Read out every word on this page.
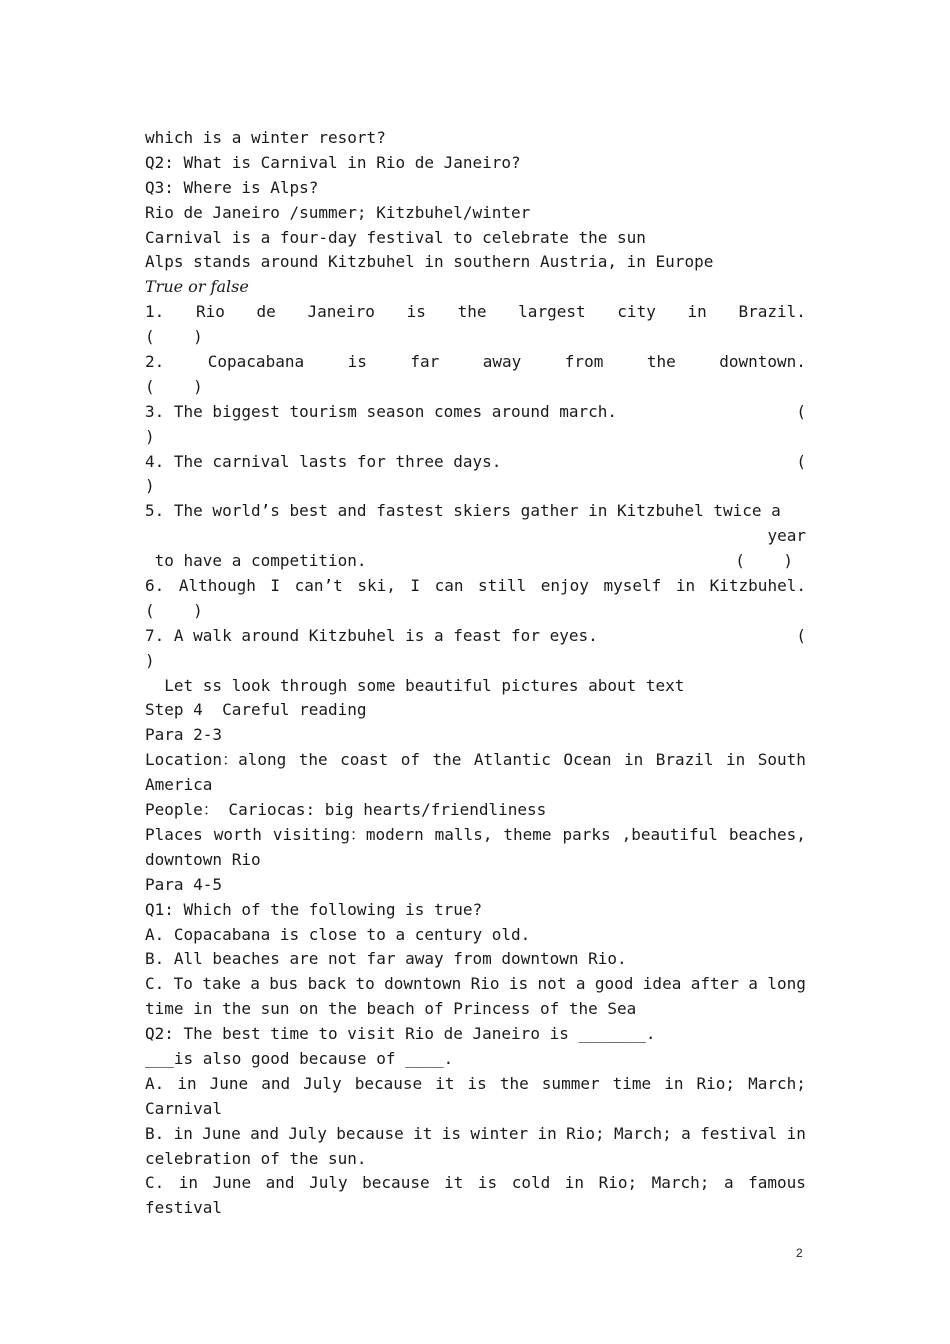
which is a winter resort?
Q2: What is Carnival in Rio de Janeiro?
Q3: Where is Alps?
Rio de Janeiro /summer; Kitzbuhel/winter
Carnival is a four-day festival to celebrate the sun
Alps stands around Kitzbuhel in southern Austria, in Europe
True or false
1. Rio de Janeiro is the largest city in Brazil.
(    )
2.	Copacabana	is	far	away	from	the	downtown.
(    )
3. The biggest tourism season comes around march.	(
)
4. The carnival lasts for three days.	(
)
5. The world’s best and fastest skiers gather in Kitzbuhel twice a
year
to have a competition.	(    )
6. Although I can’t ski, I can still enjoy myself in Kitzbuhel.
(    )
7. A walk around Kitzbuhel is a feast for eyes.	(
)
Let ss look through some beautiful pictures about text
Step 4  Careful reading
Para 2-3
Location：along the coast of the Atlantic Ocean in Brazil in South
America
People： Cariocas: big hearts/friendliness
Places worth visiting：modern malls, theme parks ,beautiful beaches,
downtown Rio
Para 4-5
Q1: Which of the following is true?
A. Copacabana is close to a century old.
B. All beaches are not far away from downtown Rio.
C. To take a bus back to downtown Rio is not a good idea after a long
time in the sun on the beach of Princess of the Sea
Q2: The best time to visit Rio de Janeiro is _______.
___is also good because of ____.
A. in June and July because it is the summer time in Rio; March;
Carnival
B. in June and July because it is winter in Rio; March; a festival in
celebration of the sun.
C. in June and July because it is cold in Rio; March; a famous
festival
2
